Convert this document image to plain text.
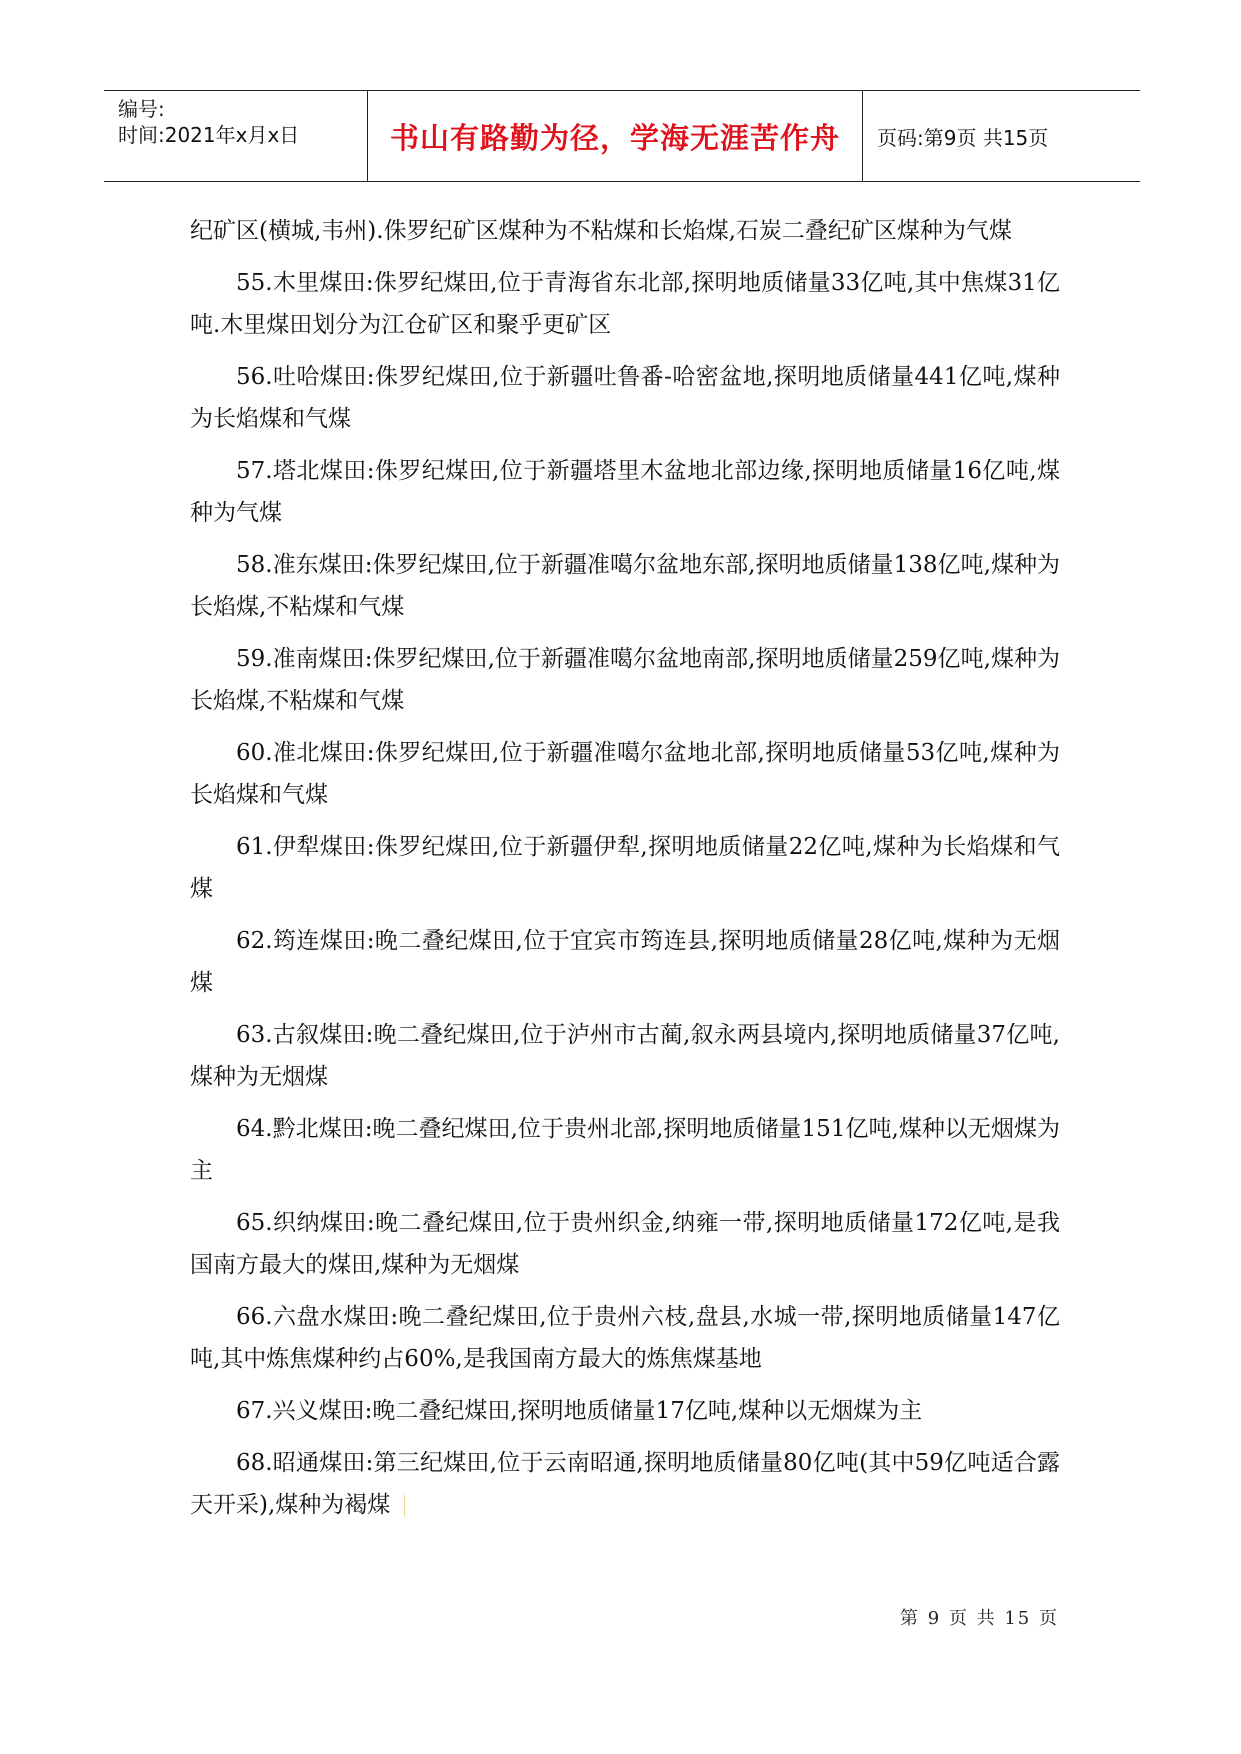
编号:
时间:2021年x月x日	书山有路勤为径，学海无涯苦作舟 页码:第9页 共15页

纪矿区(横城,韦州).侏罗纪矿区煤种为不粘煤和长焰煤,石炭二叠纪矿区煤种为气煤

55.木里煤田:侏罗纪煤田,位于青海省东北部,探明地质储量33亿吨,其中焦煤31亿吨.木里煤田划分为江仓矿区和聚乎更矿区

56.吐哈煤田:侏罗纪煤田,位于新疆吐鲁番-哈密盆地,探明地质储量441亿吨,煤种为长焰煤和气煤

57.塔北煤田:侏罗纪煤田,位于新疆塔里木盆地北部边缘,探明地质储量16亿吨,煤种为气煤

58.准东煤田:侏罗纪煤田,位于新疆准噶尔盆地东部,探明地质储量138亿吨,煤种为长焰煤,不粘煤和气煤

59.准南煤田:侏罗纪煤田,位于新疆准噶尔盆地南部,探明地质储量259亿吨,煤种为长焰煤,不粘煤和气煤

60.准北煤田:侏罗纪煤田,位于新疆准噶尔盆地北部,探明地质储量53亿吨,煤种为长焰煤和气煤

61.伊犁煤田:侏罗纪煤田,位于新疆伊犁,探明地质储量22亿吨,煤种为长焰煤和气煤

62.筠连煤田:晚二叠纪煤田,位于宜宾市筠连县,探明地质储量28亿吨,煤种为无烟煤

63.古叙煤田:晚二叠纪煤田,位于泸州市古蔺,叙永两县境内,探明地质储量37亿吨,煤种为无烟煤

64.黔北煤田:晚二叠纪煤田,位于贵州北部,探明地质储量151亿吨,煤种以无烟煤为主

65.织纳煤田:晚二叠纪煤田,位于贵州织金,纳雍一带,探明地质储量172亿吨,是我国南方最大的煤田,煤种为无烟煤

66.六盘水煤田:晚二叠纪煤田,位于贵州六枝,盘县,水城一带,探明地质储量147亿吨,其中炼焦煤种约占60%,是我国南方最大的炼焦煤基地

67.兴义煤田:晚二叠纪煤田,探明地质储量17亿吨,煤种以无烟煤为主

68.昭通煤田:第三纪煤田,位于云南昭通,探明地质储量80亿吨(其中59亿吨适合露天开采),煤种为褐煤

第 9 页 共 15 页
